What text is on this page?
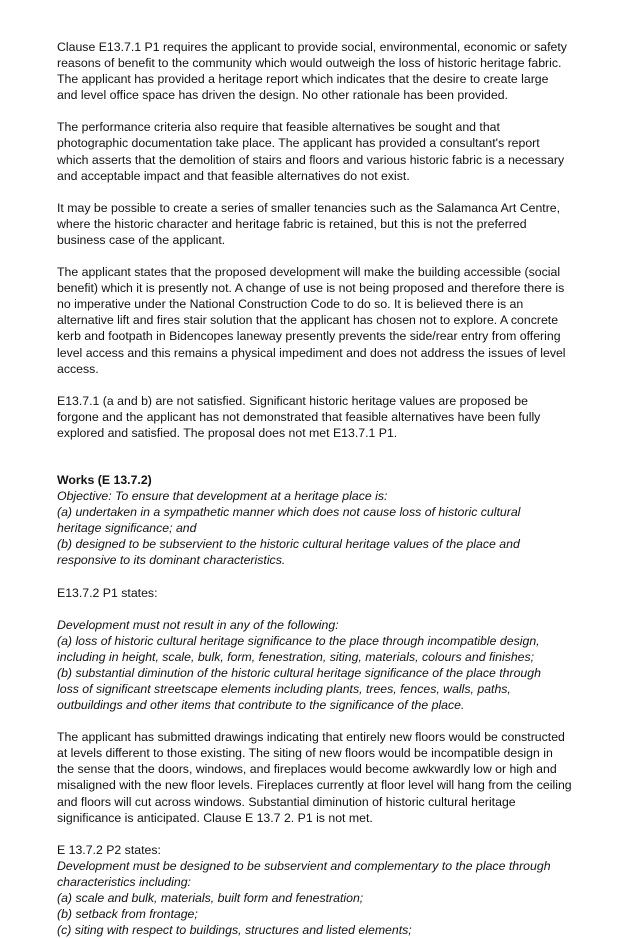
Clause E13.7.1 P1 requires the applicant to provide social, environmental, economic or safety
reasons of benefit to the community which would outweigh the loss of historic heritage fabric.
The applicant has provided a heritage report which indicates that the desire to create large
and level office space has driven the design. No other rationale has been provided.

The performance criteria also require that feasible alternatives be sought and that
photographic documentation take place. The applicant has provided a consultant's report
which asserts that the demolition of stairs and floors and various historic fabric is a necessary
and acceptable impact and that feasible alternatives do not exist.

It may be possible to create a series of smaller tenancies such as the Salamanca Art Centre,
where the historic character and heritage fabric is retained, but this is not the preferred
business case of the applicant.

The applicant states that the proposed development will make the building accessible (social
benefit) which it is presently not. A change of use is not being proposed and therefore there is
no imperative under the National Construction Code to do so. It is believed there is an
alternative lift and fires stair solution that the applicant has chosen not to explore. A concrete
kerb and footpath in Bidencopes laneway presently prevents the side/rear entry from offering
level access and this remains a physical impediment and does not address the issues of level
access.

E13.7.1 (a and b) are not satisfied. Significant historic heritage values are proposed be
forgone and the applicant has not demonstrated that feasible alternatives have been fully
explored and satisfied. The proposal does not met E13.7.1 P1.

Works (E 13.7.2)

Objective: To ensure that development at a heritage place is:
(a) undertaken in a sympathetic manner which does not cause loss of historic cultural
heritage significance; and
(b) designed to be subservient to the historic cultural heritage values of the place and
responsive to its dominant characteristics.

E13.7.2 P1 states:

Development must not result in any of the following:
(a) loss of historic cultural heritage significance to the place through incompatible design,
including in height, scale, bulk, form, fenestration, siting, materials, colours and finishes;
(b) substantial diminution of the historic cultural heritage significance of the place through
loss of significant streetscape elements including plants, trees, fences, walls, paths,
outbuildings and other items that contribute to the significance of the place.

The applicant has submitted drawings indicating that entirely new floors would be constructed
at levels different to those existing. The siting of new floors would be incompatible design in
the sense that the doors, windows, and fireplaces would become awkwardly low or high and
misaligned with the new floor levels. Fireplaces currently at floor level will hang from the ceiling
and floors will cut across windows. Substantial diminution of historic cultural heritage
significance is anticipated. Clause E 13.7 2. P1 is not met.

E 13.7.2 P2 states:

Development must be designed to be subservient and complementary to the place through
characteristics including:
(a) scale and bulk, materials, built form and fenestration;
(b) setback from frontage;
(c) siting with respect to buildings, structures and listed elements;
